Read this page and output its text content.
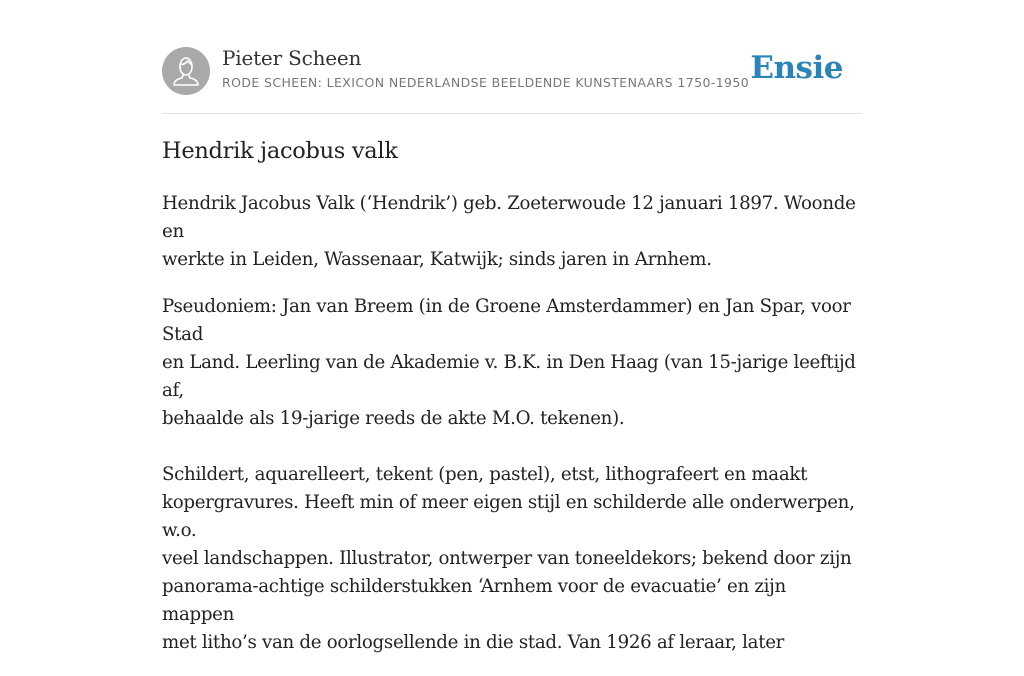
Pieter Scheen
RODE SCHEEN: LEXICON NEDERLANDSE BEELDENDE KUNSTENAARS 1750-1950 Ensie
Hendrik jacobus valk

Hendrik Jacobus Valk (‘Hendrik’) geb. Zoeterwoude 12 januari 1897. Woonde en
werkte in Leiden, Wassenaar, Katwijk; sinds jaren in Arnhem.

Pseudoniem: Jan van Breem (in de Groene Amsterdammer) en Jan Spar, voor Stad
en Land. Leerling van de Akademie v. B.K. in Den Haag (van 15-jarige leeftijd af,
behaalde als 19-jarige reeds de akte M.O. tekenen).

Schildert, aquarelleert, tekent (pen, pastel), etst, lithografeert en maakt
kopergravures. Heeft min of meer eigen stijl en schilderde alle onderwerpen, w.o.
veel landschappen. Illustrator, ontwerper van toneeldekors; bekend door zijn
panorama-achtige schilderstukken ‘Arnhem voor de evacuatie’ en zijn mappen
met litho’s van de oorlogsellende in die stad. Van 1926 af leraar, later
